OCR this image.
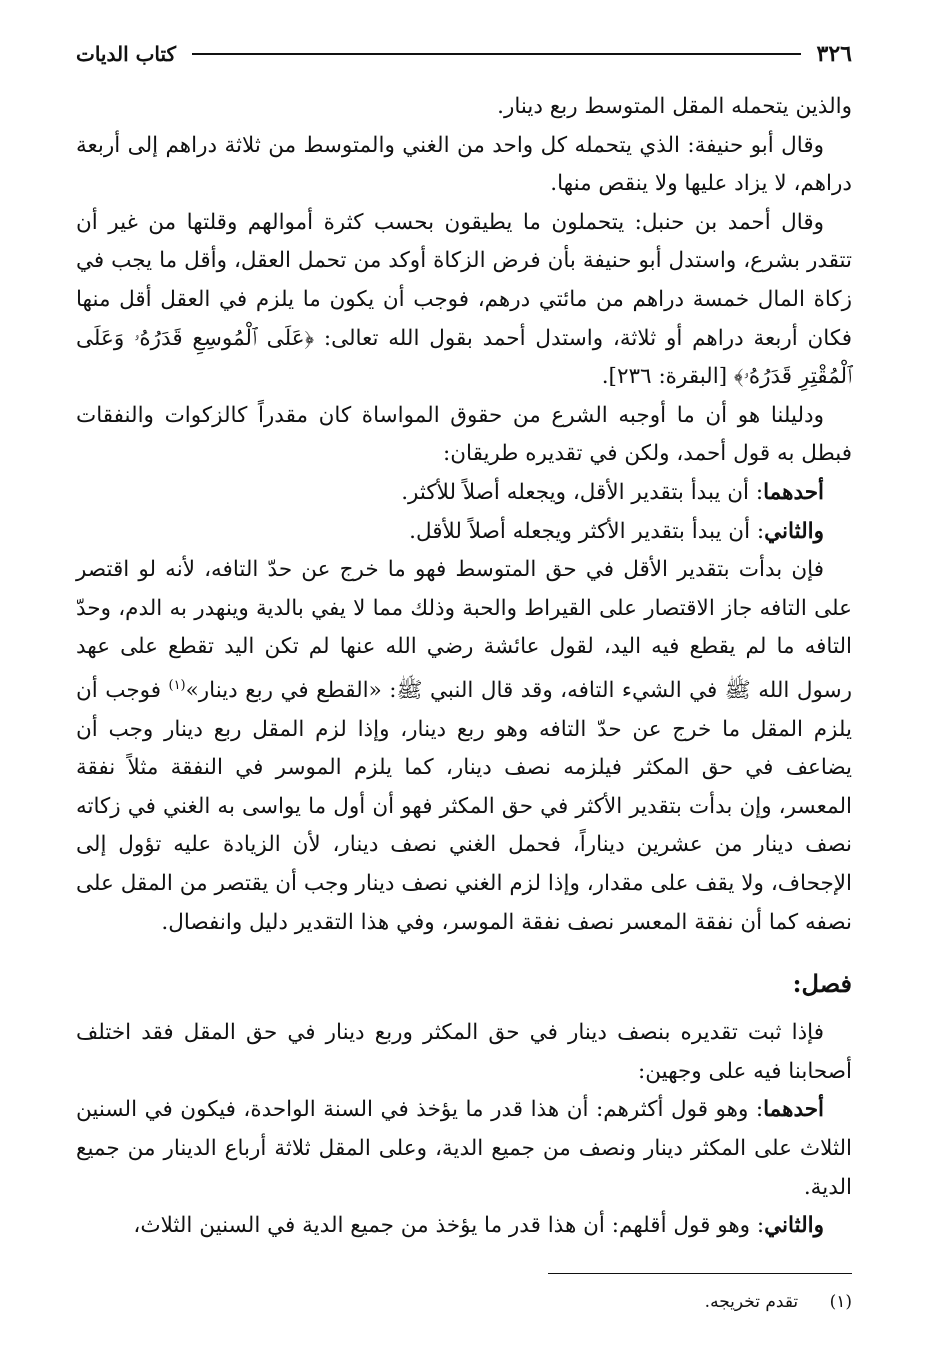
٣٢٦
كتاب الديات

والذين يتحمله المقل المتوسط ربع دينار.

وقال أبو حنيفة: الذي يتحمله كل واحد من الغني والمتوسط من ثلاثة دراهم إلى أربعة دراهم، لا يزاد عليها ولا ينقص منها.

وقال أحمد بن حنبل: يتحملون ما يطيقون بحسب كثرة أموالهم وقلتها من غير أن تتقدر بشرع، واستدل أبو حنيفة بأن فرض الزكاة أوكد من تحمل العقل، وأقل ما يجب في زكاة المال خمسة دراهم من مائتي درهم، فوجب أن يكون ما يلزم في العقل أقل منها فكان أربعة دراهم أو ثلاثة، واستدل أحمد بقول الله تعالى: ﴿عَلَى ٱلْمُوسِعِ قَدَرُهُۥ وَعَلَى ٱلْمُقْتِرِ قَدَرُهُۥ﴾ [البقرة: ٢٣٦].

ودليلنا هو أن ما أوجبه الشرع من حقوق المواساة كان مقدراً كالزكوات والنفقات فبطل به قول أحمد، ولكن في تقديره طريقان:

أحدهما: أن يبدأ بتقدير الأقل، ويجعله أصلاً للأكثر.

والثاني: أن يبدأ بتقدير الأكثر ويجعله أصلاً للأقل.

فإن بدأت بتقدير الأقل في حق المتوسط فهو ما خرج عن حدّ التافه، لأنه لو اقتصر على التافه جاز الاقتصار على القيراط والحبة وذلك مما لا يفي بالدية وينهدر به الدم، وحدّ التافه ما لم يقطع فيه اليد، لقول عائشة رضي الله عنها لم تكن اليد تقطع على عهد رسول الله ﷺ في الشيء التافه، وقد قال النبي ﷺ: «القطع في ربع دينار»$^{(١)}$ فوجب أن يلزم المقل ما خرج عن حدّ التافه وهو ربع دينار، وإذا لزم المقل ربع دينار وجب أن يضاعف في حق المكثر فيلزمه نصف دينار، كما يلزم الموسر في النفقة مثلاً نفقة المعسر، وإن بدأت بتقدير الأكثر في حق المكثر فهو أن أول ما يواسى به الغني في زكاته نصف دينار من عشرين ديناراً، فحمل الغني نصف دينار، لأن الزيادة عليه تؤول إلى الإجحاف، ولا يقف على مقدار، وإذا لزم الغني نصف دينار وجب أن يقتصر من المقل على نصفه كما أن نفقة المعسر نصف نفقة الموسر، وفي هذا التقدير دليل وانفصال.

فصل:

فإذا ثبت تقديره بنصف دينار في حق المكثر وربع دينار في حق المقل فقد اختلف أصحابنا فيه على وجهين:

أحدهما: وهو قول أكثرهم: أن هذا قدر ما يؤخذ في السنة الواحدة، فيكون في السنين الثلاث على المكثر دينار ونصف من جميع الدية، وعلى المقل ثلاثة أرباع الدينار من جميع الدية.

والثاني: وهو قول أقلهم: أن هذا قدر ما يؤخذ من جميع الدية في السنين الثلاث،

(١) تقدم تخريجه.
